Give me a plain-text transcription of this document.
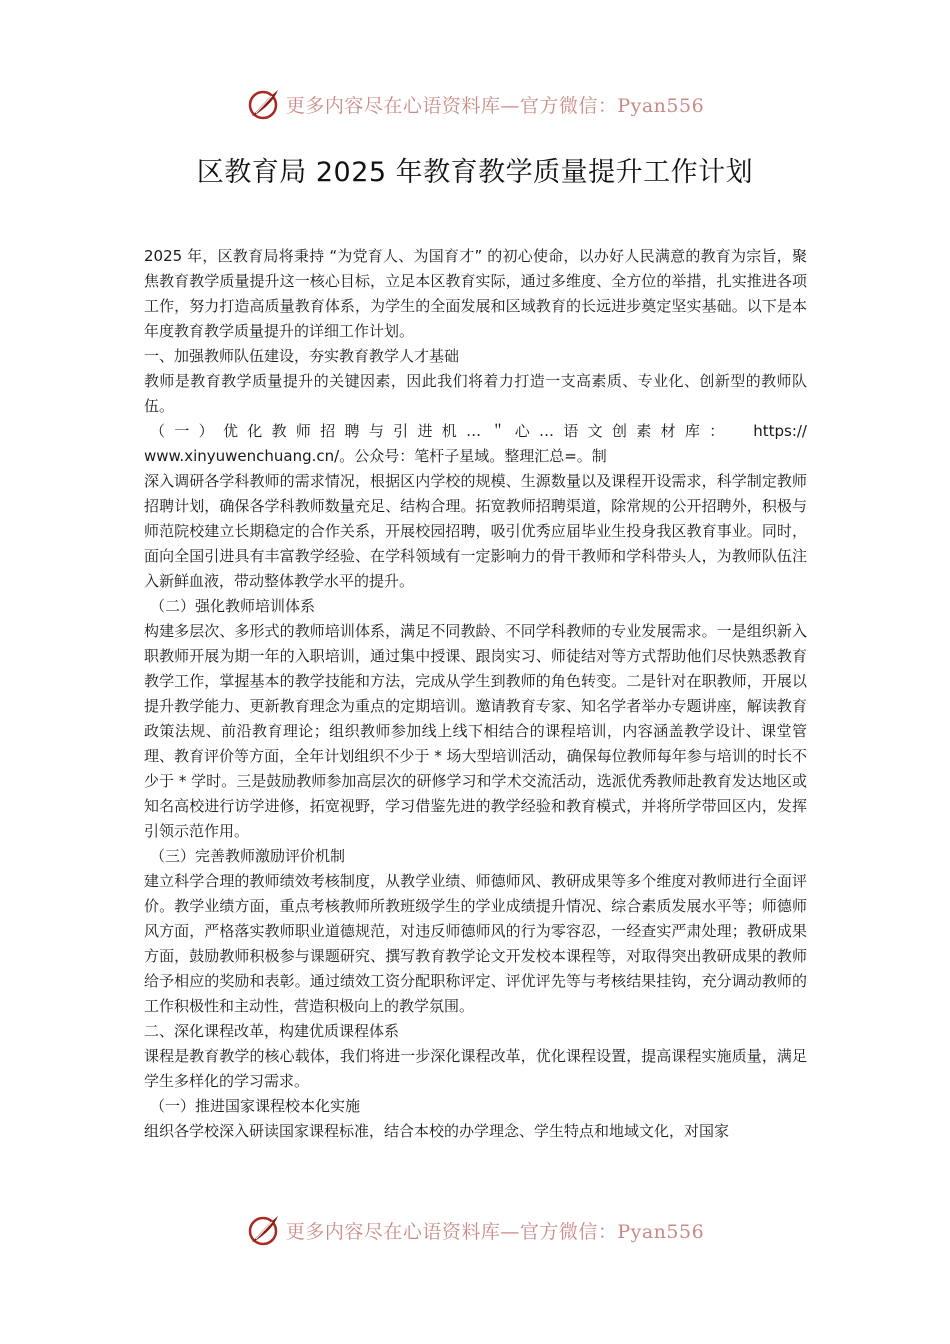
更多内容尽在心语资料库—官方微信：Pyan556
区教育局 2025 年教育教学质量提升工作计划

2025 年，区教育局将秉持 “为党育人、为国育才” 的初心使命，以办好人民满意的教育为宗旨，聚焦教育教学质量提升这一核心目标，立足本区教育实际，通过多维度、全方位的举措，扎实推进各项工作，努力打造高质量教育体系，为学生的全面发展和区域教育的长远进步奠定坚实基础。以下是本年度教育教学质量提升的详细工作计划。

一、加强教师队伍建设，夯实教育教学人才基础

教师是教育教学质量提升的关键因素，因此我们将着力打造一支高素质、专业化、创新型的教师队伍。

（一）优化教师招聘与引进机…＂心…语文创素材库： https://

www.xinyuwenchuang.cn/。公众号：笔杆子星域。整理汇总=。制

深入调研各学科教师的需求情况，根据区内学校的规模、生源数量以及课程开设需求，科学制定教师招聘计划，确保各学科教师数量充足、结构合理。拓宽教师招聘渠道，除常规的公开招聘外，积极与师范院校建立长期稳定的合作关系，开展校园招聘，吸引优秀应届毕业生投身我区教育事业。同时，面向全国引进具有丰富教学经验、在学科领域有一定影响力的骨干教师和学科带头人，为教师队伍注入新鲜血液，带动整体教学水平的提升。

（二）强化教师培训体系

构建多层次、多形式的教师培训体系，满足不同教龄、不同学科教师的专业发展需求。一是组织新入职教师开展为期一年的入职培训，通过集中授课、跟岗实习、师徒结对等方式帮助他们尽快熟悉教育教学工作，掌握基本的教学技能和方法，完成从学生到教师的角色转变。二是针对在职教师，开展以提升教学能力、更新教育理念为重点的定期培训。邀请教育专家、知名学者举办专题讲座，解读教育政策法规、前沿教育理论；组织教师参加线上线下相结合的课程培训，内容涵盖教学设计、课堂管理、教育评价等方面，全年计划组织不少于 * 场大型培训活动，确保每位教师每年参与培训的时长不少于 * 学时。三是鼓励教师参加高层次的研修学习和学术交流活动，选派优秀教师赴教育发达地区或知名高校进行访学进修，拓宽视野，学习借鉴先进的教学经验和教育模式，并将所学带回区内，发挥引领示范作用。

（三）完善教师激励评价机制

建立科学合理的教师绩效考核制度，从教学业绩、师德师风、教研成果等多个维度对教师进行全面评价。教学业绩方面，重点考核教师所教班级学生的学业成绩提升情况、综合素质发展水平等；师德师风方面，严格落实教师职业道德规范，对违反师德师风的行为零容忍，一经查实严肃处理；教研成果方面，鼓励教师积极参与课题研究、撰写教育教学论文开发校本课程等，对取得突出教研成果的教师给予相应的奖励和表彰。通过绩效工资分配职称评定、评优评先等与考核结果挂钩，充分调动教师的工作积极性和主动性，营造积极向上的教学氛围。

二、深化课程改革，构建优质课程体系

课程是教育教学的核心载体，我们将进一步深化课程改革，优化课程设置，提高课程实施质量，满足学生多样化的学习需求。

（一）推进国家课程校本化实施

组织各学校深入研读国家课程标准，结合本校的办学理念、学生特点和地域文化，对国家

更多内容尽在心语资料库—官方微信：Pyan556
